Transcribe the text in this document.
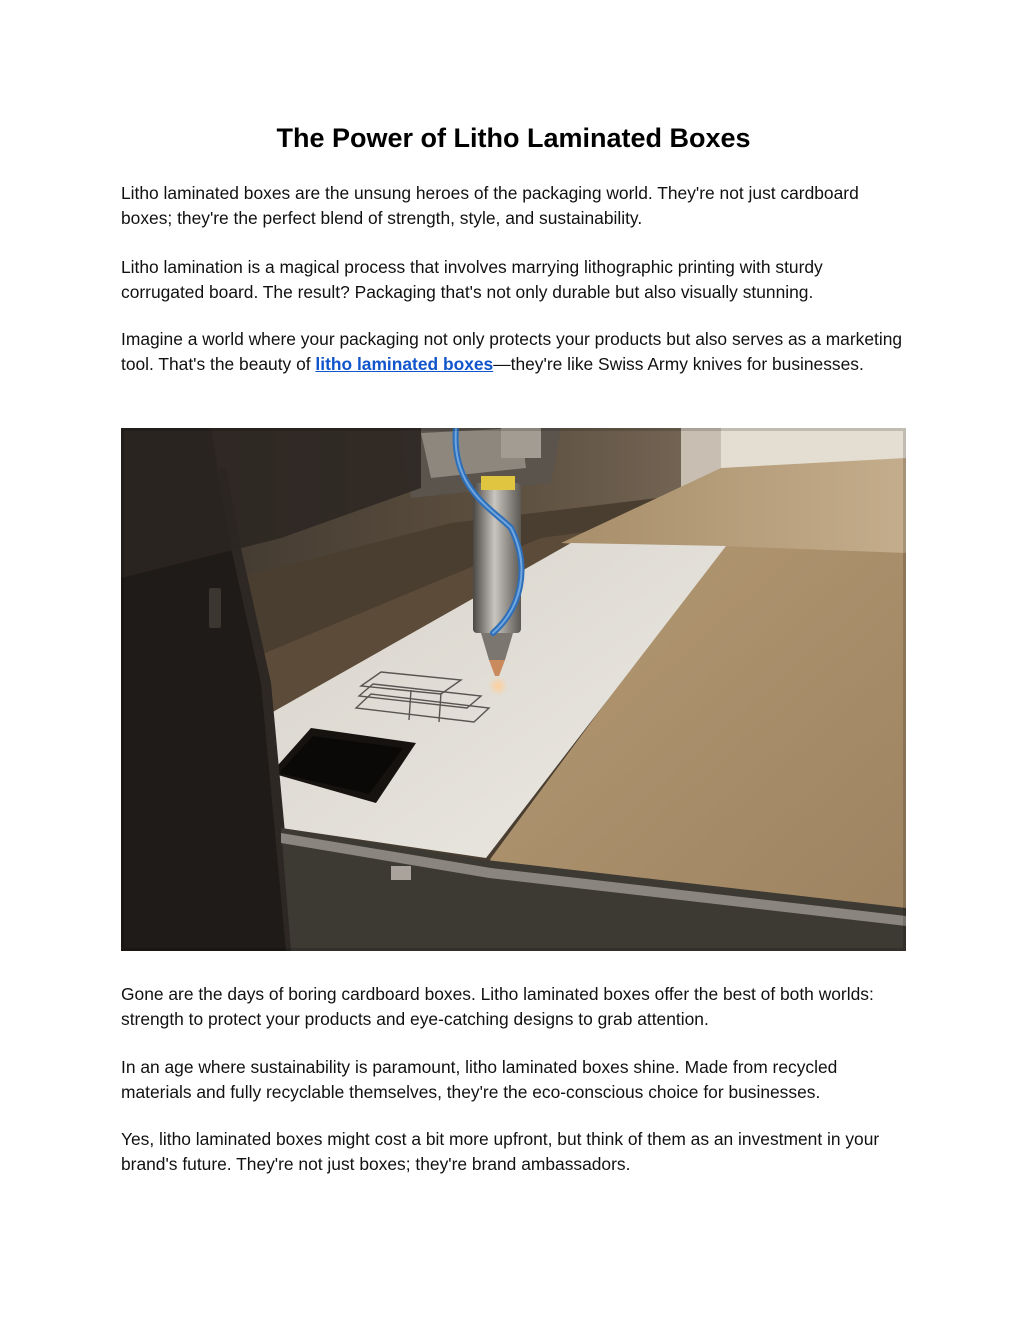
The Power of Litho Laminated Boxes

Litho laminated boxes are the unsung heroes of the packaging world. They're not just cardboard boxes; they're the perfect blend of strength, style, and sustainability.

Litho lamination is a magical process that involves marrying lithographic printing with sturdy corrugated board. The result? Packaging that's not only durable but also visually stunning.

Imagine a world where your packaging not only protects your products but also serves as a marketing tool. That's the beauty of litho laminated boxes—they're like Swiss Army knives for businesses.

Gone are the days of boring cardboard boxes. Litho laminated boxes offer the best of both worlds: strength to protect your products and eye-catching designs to grab attention.

In an age where sustainability is paramount, litho laminated boxes shine. Made from recycled materials and fully recyclable themselves, they're the eco-conscious choice for businesses.

Yes, litho laminated boxes might cost a bit more upfront, but think of them as an investment in your brand's future. They're not just boxes; they're brand ambassadors.
